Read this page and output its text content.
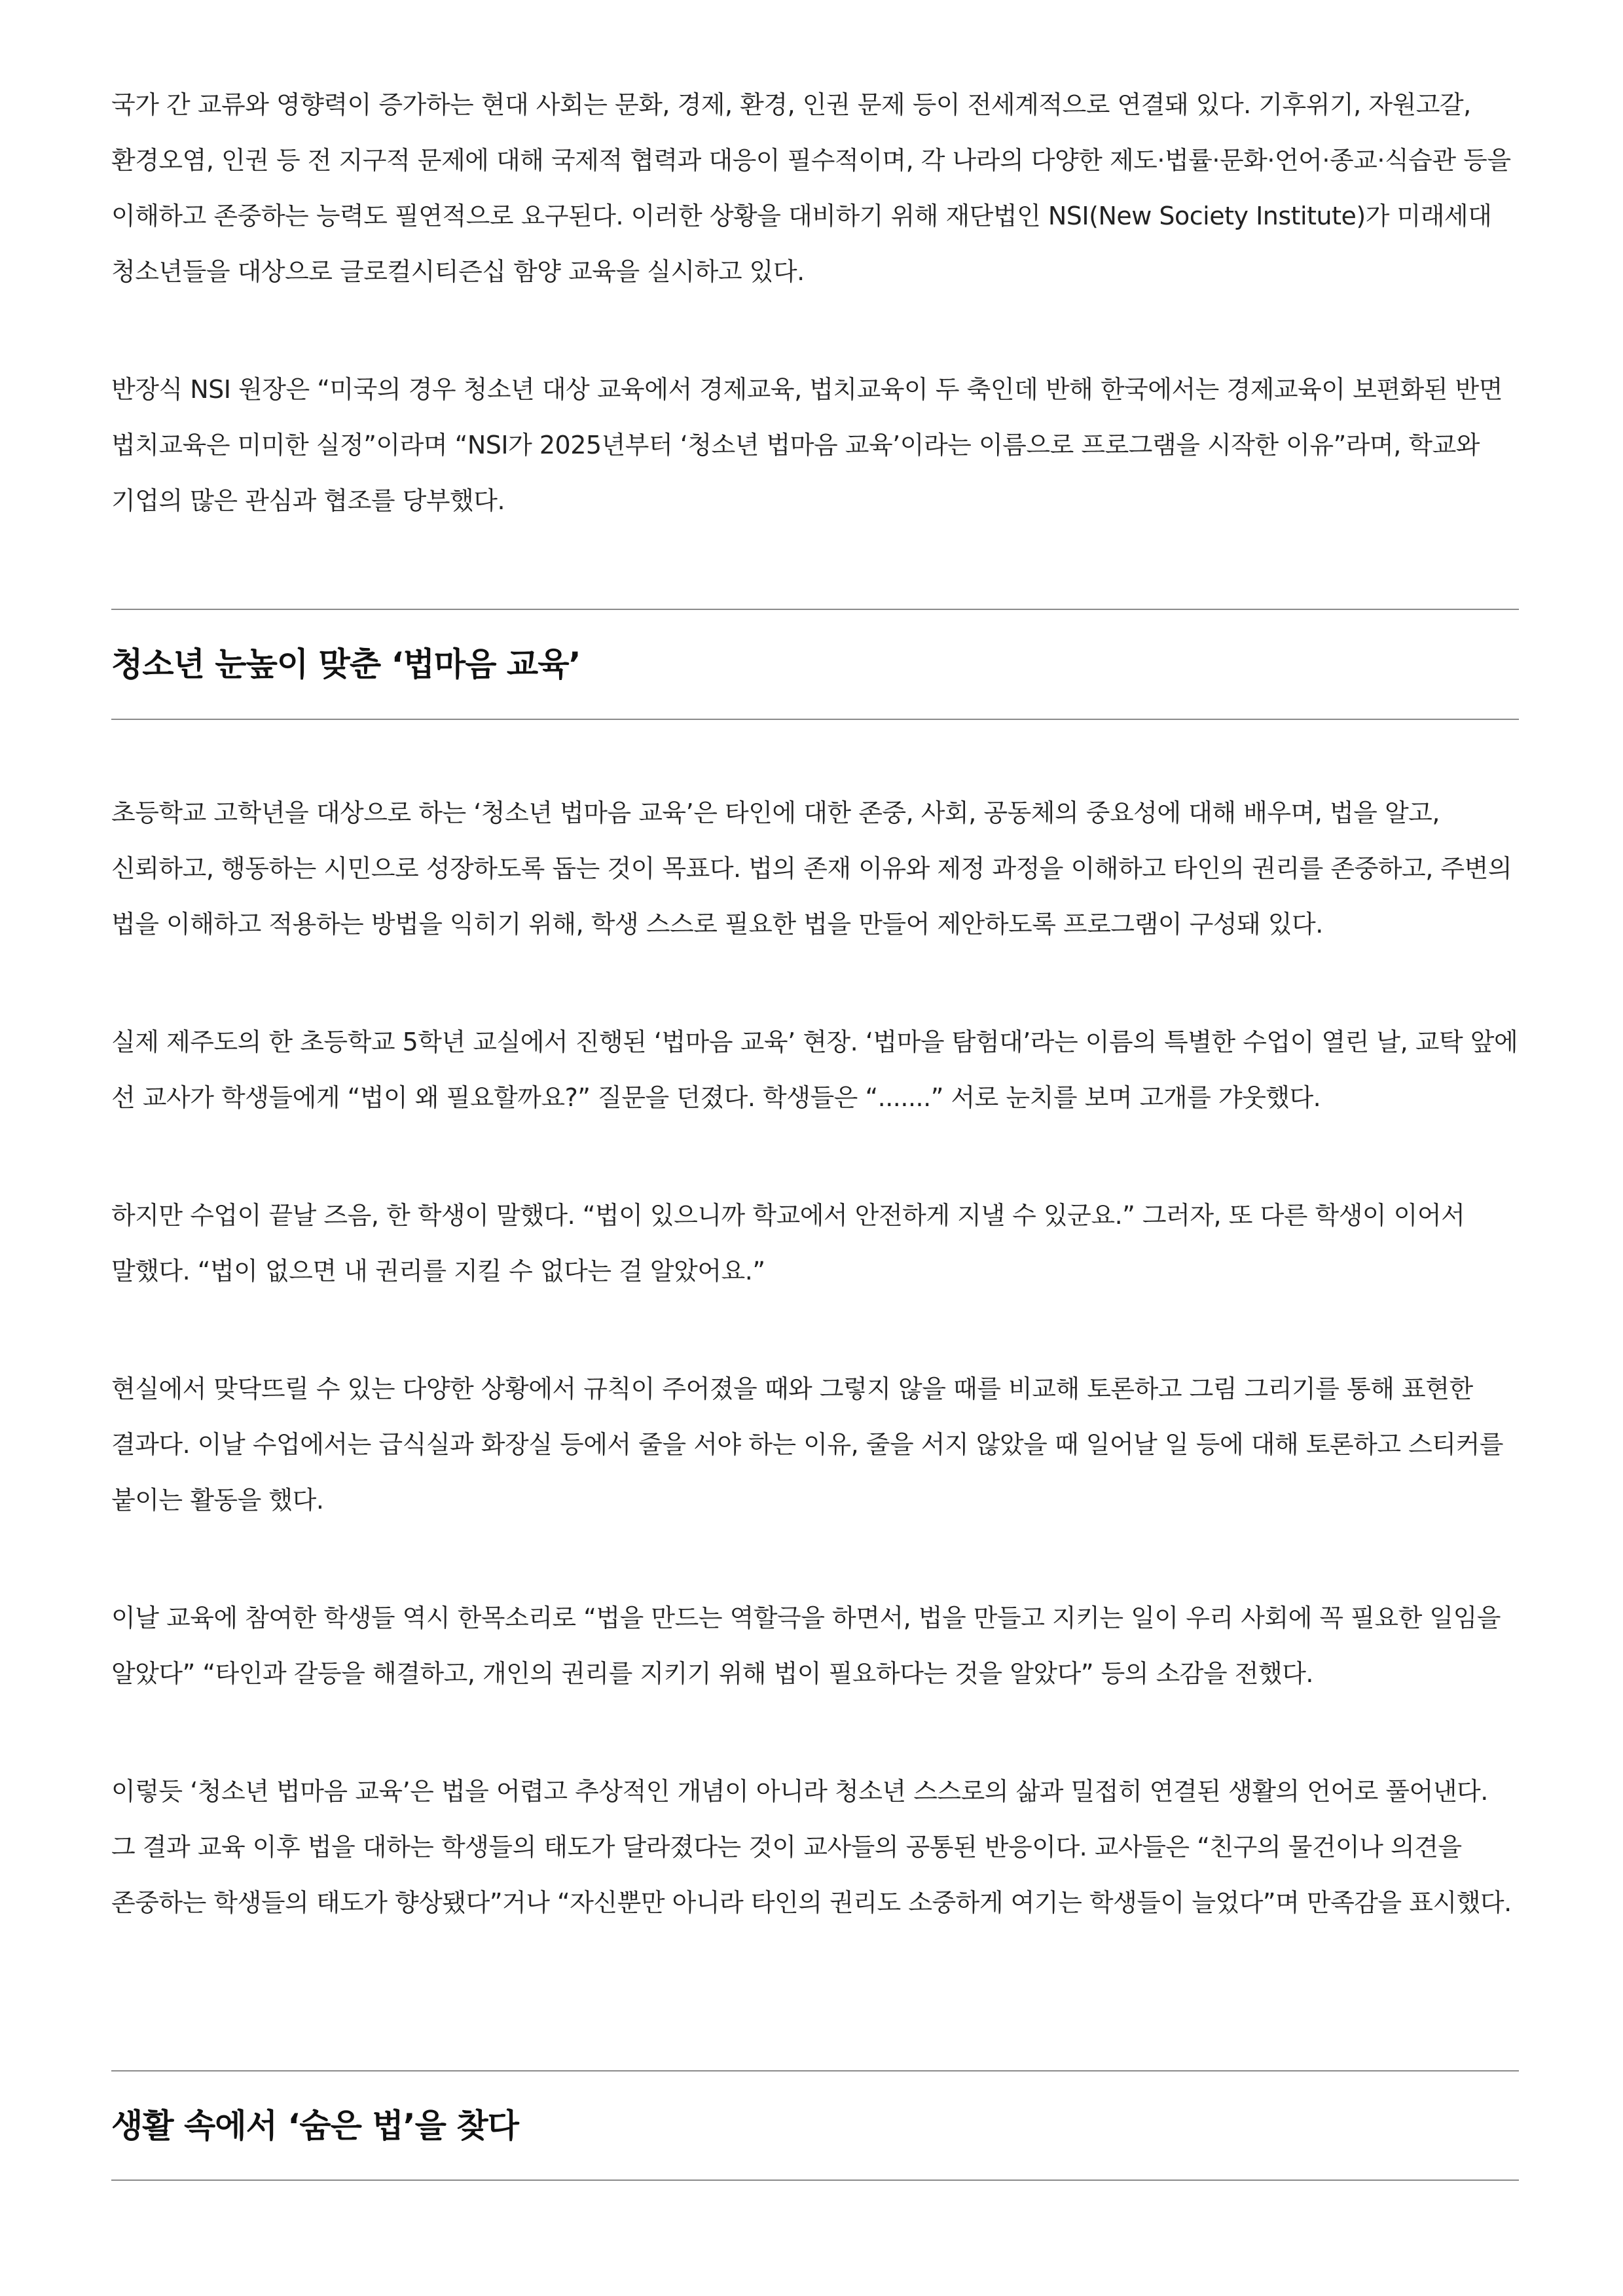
국가 간 교류와 영향력이 증가하는 현대 사회는 문화, 경제, 환경, 인권 문제 등이 전세계적으로 연결돼 있다. 기후위기, 자원고갈, 환경오염, 인권 등 전 지구적 문제에 대해 국제적 협력과 대응이 필수적이며, 각 나라의 다양한 제도·법률·문화·언어·종교·식습관 등을 이해하고 존중하는 능력도 필연적으로 요구된다. 이러한 상황을 대비하기 위해 재단법인 NSI(New Society Institute)가 미래세대 청소년들을 대상으로 글로컬시티즌십 함양 교육을 실시하고 있다.

반장식 NSI 원장은 “미국의 경우 청소년 대상 교육에서 경제교육, 법치교육이 두 축인데 반해 한국에서는 경제교육이 보편화된 반면 법치교육은 미미한 실정”이라며 “NSI가 2025년부터 ‘청소년 법마음 교육’이라는 이름으로 프로그램을 시작한 이유”라며, 학교와 기업의 많은 관심과 협조를 당부했다.

청소년 눈높이 맞춘 ‘법마음 교육’

초등학교 고학년을 대상으로 하는 ‘청소년 법마음 교육’은 타인에 대한 존중, 사회, 공동체의 중요성에 대해 배우며, 법을 알고, 신뢰하고, 행동하는 시민으로 성장하도록 돕는 것이 목표다. 법의 존재 이유와 제정 과정을 이해하고 타인의 권리를 존중하고, 주변의 법을 이해하고 적용하는 방법을 익히기 위해, 학생 스스로 필요한 법을 만들어 제안하도록 프로그램이 구성돼 있다.

실제 제주도의 한 초등학교 5학년 교실에서 진행된 ‘법마음 교육’ 현장. ‘법마을 탐험대’라는 이름의 특별한 수업이 열린 날, 교탁 앞에 선 교사가 학생들에게 “법이 왜 필요할까요?” 질문을 던졌다. 학생들은 “.......” 서로 눈치를 보며 고개를 갸웃했다.

하지만 수업이 끝날 즈음, 한 학생이 말했다. “법이 있으니까 학교에서 안전하게 지낼 수 있군요.” 그러자, 또 다른 학생이 이어서 말했다. “법이 없으면 내 권리를 지킬 수 없다는 걸 알았어요.”

현실에서 맞닥뜨릴 수 있는 다양한 상황에서 규칙이 주어졌을 때와 그렇지 않을 때를 비교해 토론하고 그림 그리기를 통해 표현한 결과다. 이날 수업에서는 급식실과 화장실 등에서 줄을 서야 하는 이유, 줄을 서지 않았을 때 일어날 일 등에 대해 토론하고 스티커를 붙이는 활동을 했다.

이날 교육에 참여한 학생들 역시 한목소리로 “법을 만드는 역할극을 하면서, 법을 만들고 지키는 일이 우리 사회에 꼭 필요한 일임을 알았다” “타인과 갈등을 해결하고, 개인의 권리를 지키기 위해 법이 필요하다는 것을 알았다” 등의 소감을 전했다.

이렇듯 ‘청소년 법마음 교육’은 법을 어렵고 추상적인 개념이 아니라 청소년 스스로의 삶과 밀접히 연결된 생활의 언어로 풀어낸다. 그 결과 교육 이후 법을 대하는 학생들의 태도가 달라졌다는 것이 교사들의 공통된 반응이다. 교사들은 “친구의 물건이나 의견을 존중하는 학생들의 태도가 향상됐다”거나 “자신뿐만 아니라 타인의 권리도 소중하게 여기는 학생들이 늘었다”며 만족감을 표시했다.

생활 속에서 ‘숨은 법’을 찾다
